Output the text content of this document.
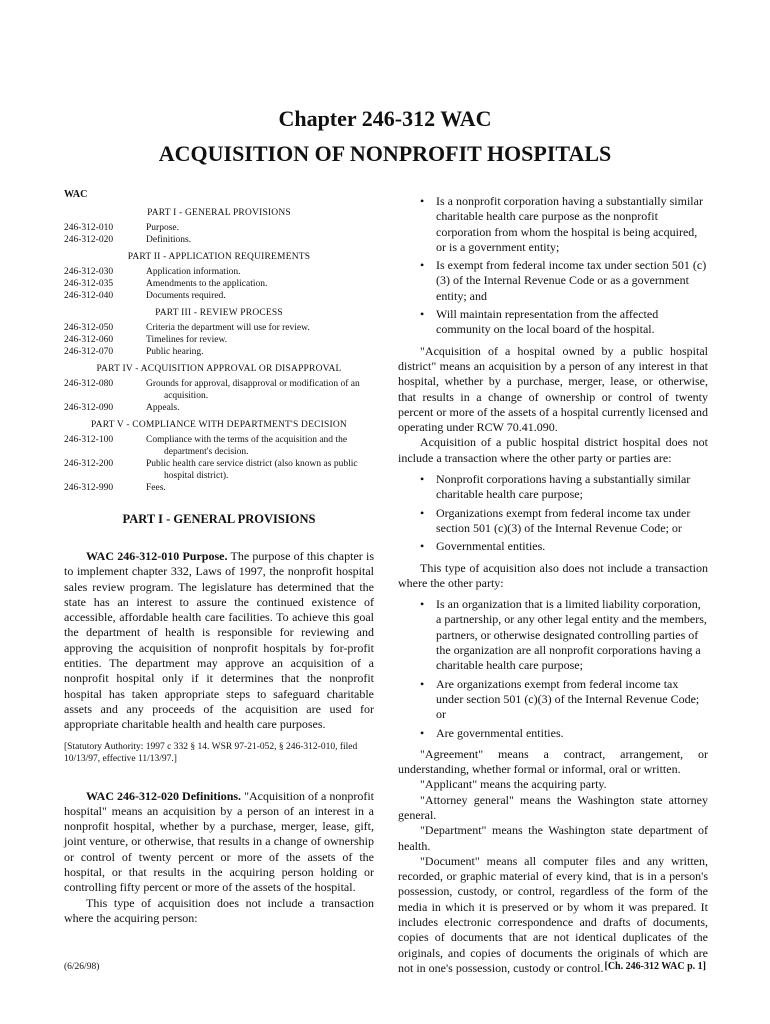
Chapter 246-312 WAC
ACQUISITION OF NONPROFIT HOSPITALS
WAC
PART I - GENERAL PROVISIONS
246-312-010	Purpose.
246-312-020	Definitions.
PART II - APPLICATION REQUIREMENTS
246-312-030	Application information.
246-312-035	Amendments to the application.
246-312-040	Documents required.
PART III - REVIEW PROCESS
246-312-050	Criteria the department will use for review.
246-312-060	Timelines for review.
246-312-070	Public hearing.
PART IV - ACQUISITION APPROVAL OR DISAPPROVAL
246-312-080	Grounds for approval, disapproval or modification of an
acquisition.
246-312-090	Appeals.
PART V - COMPLIANCE WITH DEPARTMENT'S DECISION
246-312-100	Compliance with the terms of the acquisition and the
department's decision.
246-312-200	Public health care service district (also known as public
hospital district).
246-312-990	Fees.
PART I - GENERAL PROVISIONS

WAC 246-312-010 Purpose. The purpose of this chapter is to implement chapter 332, Laws of 1997, the nonprofit hospital sales review program. The legislature has determined that the state has an interest to assure the continued existence of accessible, affordable health care facilities. To achieve this goal the department of health is responsible for reviewing and approving the acquisition of nonprofit hospitals by for-profit entities. The department may approve an acquisition of a nonprofit hospital only if it determines that the nonprofit hospital has taken appropriate steps to safeguard charitable assets and any proceeds of the acquisition are used for appropriate charitable health and health care purposes.

[Statutory Authority: 1997 c 332 § 14. WSR 97-21-052, § 246-312-010, filed 10/13/97, effective 11/13/97.]

WAC 246-312-020 Definitions. "Acquisition of a nonprofit hospital" means an acquisition by a person of an interest in a nonprofit hospital, whether by a purchase, merger, lease, gift, joint venture, or otherwise, that results in a change of ownership or control of twenty percent or more of the assets of the hospital, or that results in the acquiring person holding or controlling fifty percent or more of the assets of the hospital.

This type of acquisition does not include a transaction where the acquiring person:

• Is a nonprofit corporation having a substantially similar charitable health care purpose as the nonprofit corporation from whom the hospital is being acquired, or is a government entity;
• Is exempt from federal income tax under section 501 (c)(3) of the Internal Revenue Code or as a government entity; and
• Will maintain representation from the affected community on the local board of the hospital.

"Acquisition of a hospital owned by a public hospital district" means an acquisition by a person of any interest in that hospital, whether by a purchase, merger, lease, or otherwise, that results in a change of ownership or control of twenty percent or more of the assets of a hospital currently licensed and operating under RCW 70.41.090.

Acquisition of a public hospital district hospital does not include a transaction where the other party or parties are:

• Nonprofit corporations having a substantially similar charitable health care purpose;
• Organizations exempt from federal income tax under section 501 (c)(3) of the Internal Revenue Code; or
• Governmental entities.

This type of acquisition also does not include a transaction where the other party:

• Is an organization that is a limited liability corporation, a partnership, or any other legal entity and the members, partners, or otherwise designated controlling parties of the organization are all nonprofit corporations having a charitable health care purpose;
• Are organizations exempt from federal income tax under section 501 (c)(3) of the Internal Revenue Code; or
• Are governmental entities.

"Agreement" means a contract, arrangement, or understanding, whether formal or informal, oral or written.

"Applicant" means the acquiring party.

"Attorney general" means the Washington state attorney general.

"Department" means the Washington state department of health.

"Document" means all computer files and any written, recorded, or graphic material of every kind, that is in a person's possession, custody, or control, regardless of the form of the media in which it is preserved or by whom it was prepared. It includes electronic correspondence and drafts of documents, copies of documents that are not identical duplicates of the originals, and copies of documents the originals of which are not in one's possession, custody or control.

(6/26/98)	[Ch. 246-312 WAC p. 1]
